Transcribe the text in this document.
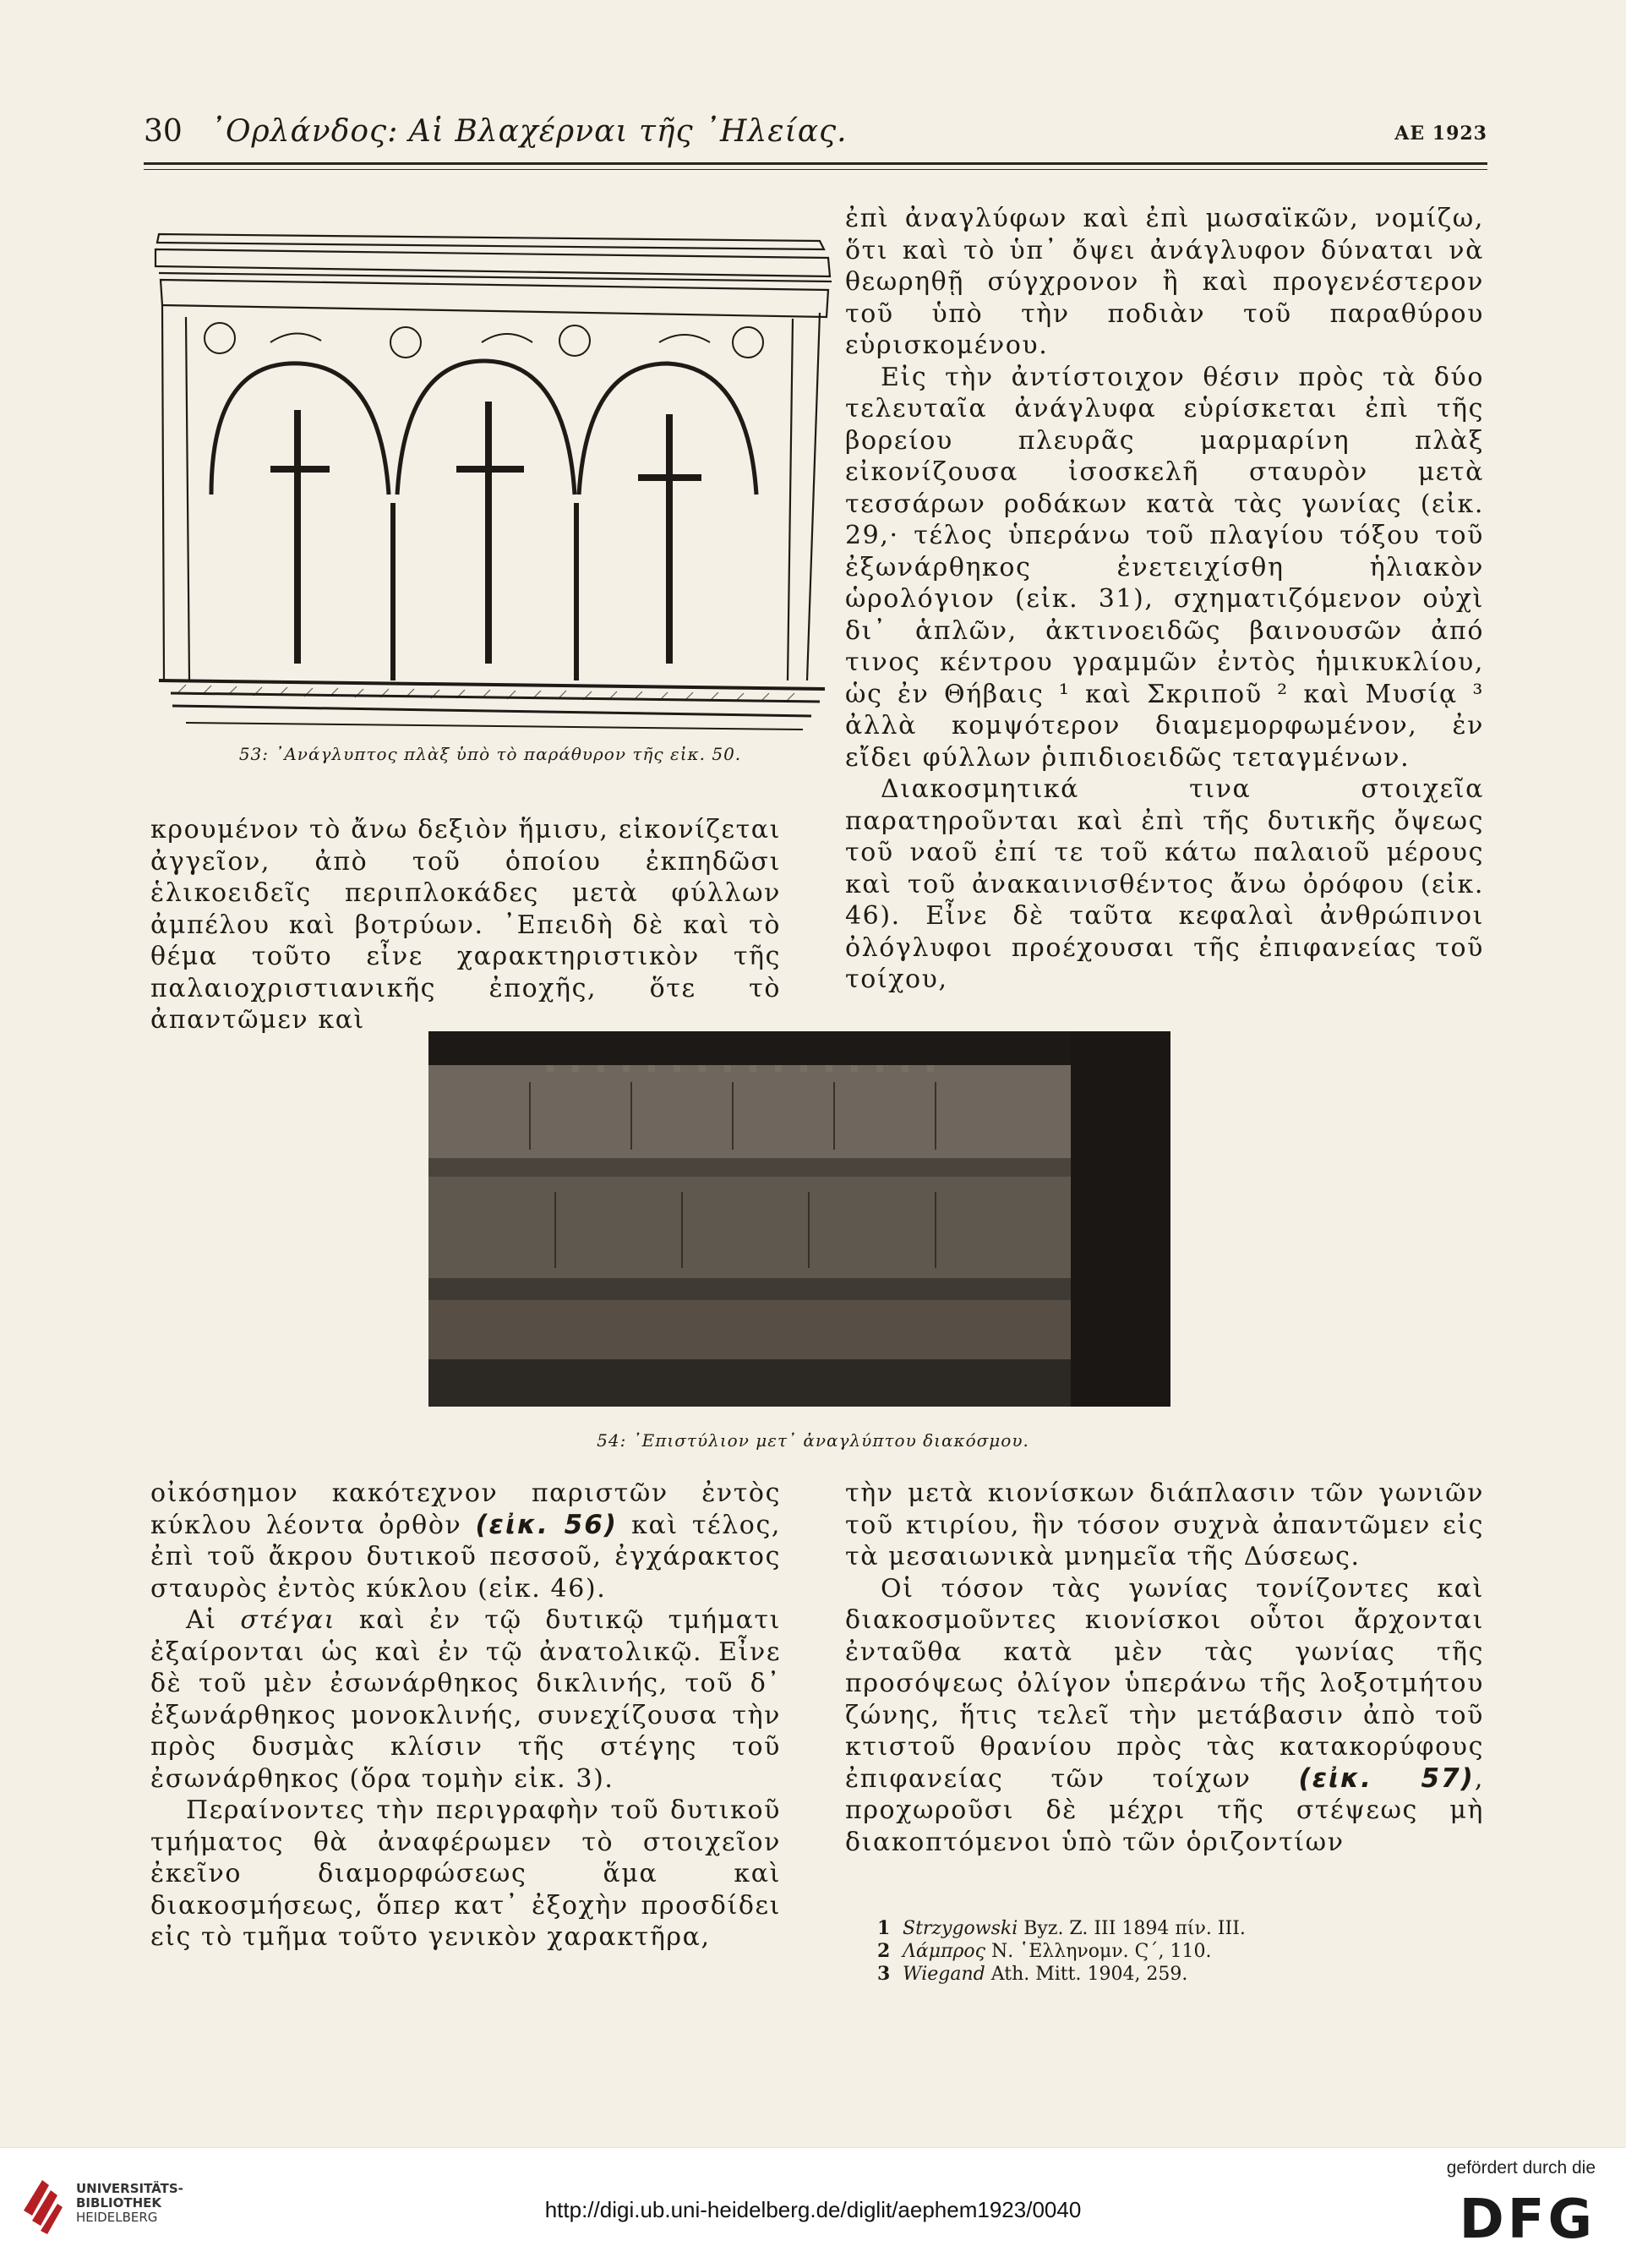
30 ᾿Ορλάνδος: Αἱ Βλαχέρναι τῆς ᾿Ηλείας.	ΑΕ 1923
53: ᾿Ανάγλυπτος πλὰξ ὑπὸ τὸ παράθυρον τῆς εἰκ. 50.

ἐπὶ ἀναγλύφων καὶ ἐπὶ μωσαϊκῶν, νομίζω, ὅτι καὶ τὸ ὑπ᾿ ὄψει ἀνάγλυφον δύναται νὰ θεωρηθῇ σύγχρονον ἢ καὶ προγενέστερον τοῦ ὑπὸ τὴν ποδιὰν τοῦ παραθύρου εὑρισκομένου.

Εἰς τὴν ἀντίστοιχον θέσιν πρὸς τὰ δύο τελευταῖα ἀνάγλυφα εὑρίσκεται ἐπὶ τῆς βορείου πλευρᾶς μαρμαρίνη πλὰξ εἰκονίζουσα ἰσοσκελῆ σταυρὸν μετὰ τεσσάρων ροδάκων κατὰ τὰς γωνίας (εἰκ. 29,· τέλος ὑπεράνω τοῦ πλαγίου τόξου τοῦ ἐξωνάρθηκος ἐνετειχίσθη ἡλιακὸν ὡρολόγιον (εἰκ. 31), σχηματιζόμενον οὐχὶ δι᾿ ἁπλῶν, ἀκτινοειδῶς βαινουσῶν ἀπό τινος κέντρου γραμμῶν ἐντὸς ἡμικυκλίου, ὡς ἐν Θήβαις ¹ καὶ Σκριποῦ ² καὶ Μυσίᾳ ³ ἀλλὰ κομψότερον διαμεμορφωμένον, ἐν εἴδει φύλλων ῥιπιδιοειδῶς τεταγμένων.

Διακοσμητικά τινα στοιχεῖα παρατηροῦνται καὶ ἐπὶ τῆς δυτικῆς ὄψεως τοῦ ναοῦ ἐπί τε τοῦ κάτω παλαιοῦ μέρους καὶ τοῦ ἀνακαινισθέντος ἄνω ὀρόφου (εἰκ. 46). Εἶνε δὲ ταῦτα κεφαλαὶ ἀνθρώπινοι ὀλόγλυφοι προέχουσαι τῆς ἐπιφανείας τοῦ τοίχου,

κρουμένον τὸ ἄνω δεξιὸν ἥμισυ, εἰκονίζεται ἀγγεῖον, ἀπὸ τοῦ ὁποίου ἐκπηδῶσι ἑλικοειδεῖς περιπλοκάδες μετὰ φύλλων ἀμπέλου καὶ βοτρύων. ᾿Επειδὴ δὲ καὶ τὸ θέμα τοῦτο εἶνε χαρακτηριστικὸν τῆς παλαιοχριστιανικῆς ἐποχῆς, ὅτε τὸ ἀπαντῶμεν καὶ

54: ᾿Επιστύλιον μετ᾿ ἀναγλύπτου διακόσμου.

οἰκόσημον κακότεχνον παριστῶν ἐντὸς κύκλου λέοντα ὀρθὸν (εἰκ. 56) καὶ τέλος, ἐπὶ τοῦ ἄκρου δυτικοῦ πεσσοῦ, ἐγχάρακτος σταυρὸς ἐντὸς κύκλου (εἰκ. 46).

Αἱ στέγαι καὶ ἐν τῷ δυτικῷ τμήματι ἐξαίρονται ὡς καὶ ἐν τῷ ἀνατολικῷ. Εἶνε δὲ τοῦ μὲν ἐσωνάρθηκος δικλινής, τοῦ δ᾿ ἐξωνάρθηκος μονοκλινής, συνεχίζουσα τὴν πρὸς δυσμὰς κλίσιν τῆς στέγης τοῦ ἐσωνάρθηκος (ὅρα τομὴν εἰκ. 3).

Περαίνοντες τὴν περιγραφὴν τοῦ δυτικοῦ τμήματος θὰ ἀναφέρωμεν τὸ στοιχεῖον ἐκεῖνο διαμορφώσεως ἅμα καὶ διακοσμήσεως, ὅπερ κατ᾿ ἐξοχὴν προσδίδει εἰς τὸ τμῆμα τοῦτο γενικὸν χαρακτῆρα,

τὴν μετὰ κιονίσκων διάπλασιν τῶν γωνιῶν τοῦ κτιρίου, ἣν τόσον συχνὰ ἀπαντῶμεν εἰς τὰ μεσαιωνικὰ μνημεῖα τῆς Δύσεως.

Οἱ τόσον τὰς γωνίας τονίζοντες καὶ διακοσμοῦντες κιονίσκοι οὗτοι ἄρχονται ἐνταῦθα κατὰ μὲν τὰς γωνίας τῆς προσόψεως ὀλίγον ὑπεράνω τῆς λοξοτμήτου ζώνης, ἥτις τελεῖ τὴν μετάβασιν ἀπὸ τοῦ κτιστοῦ θρανίου πρὸς τὰς κατακορύφους ἐπιφανείας τῶν τοίχων (εἰκ. 57), προχωροῦσι δὲ μέχρι τῆς στέψεως μὴ διακοπτόμενοι ὑπὸ τῶν ὁριζοντίων

1 Strzygowski Byz. Z. III 1894 πίν. III.
2 Λάμπρος Ν. ῾Ελληνομν. Ϛ΄, 110.
3 Wiegand Ath. Mitt. 1904, 259.
UNIVERSITÄTS-
BIBLIOTHEK
HEIDELBERG	http://digi.ub.uni-heidelberg.de/diglit/aephem1923/0040
gefördert durch die
DFG
